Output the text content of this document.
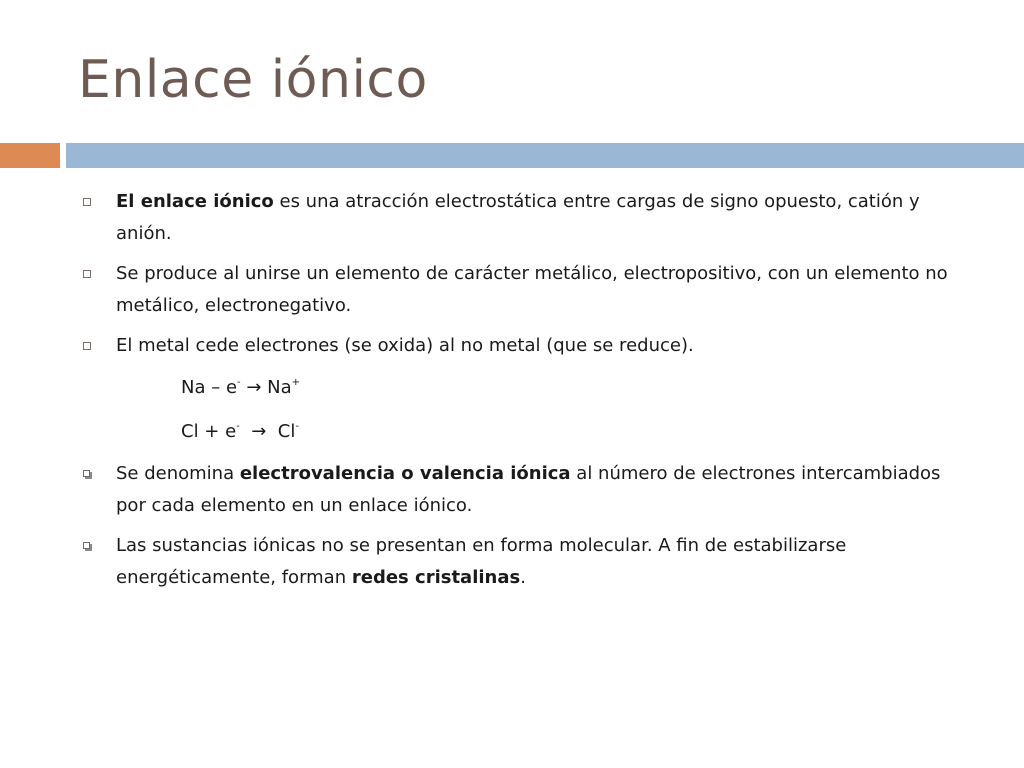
Enlace iónico
El enlace iónico es una atracción electrostática entre cargas de signo opuesto, catión y anión.
Se produce al unirse un elemento de carácter metálico, electropositivo, con un elemento no metálico, electronegativo.
El metal cede electrones (se oxida) al no metal (que se reduce).
Na – e- → Na+
Cl + e-  →  Cl-
Se denomina electrovalencia o valencia iónica al número de electrones intercambiados por cada elemento en un enlace iónico.
Las sustancias iónicas no se presentan en forma molecular. A fin de estabilizarse energéticamente, forman redes cristalinas.
